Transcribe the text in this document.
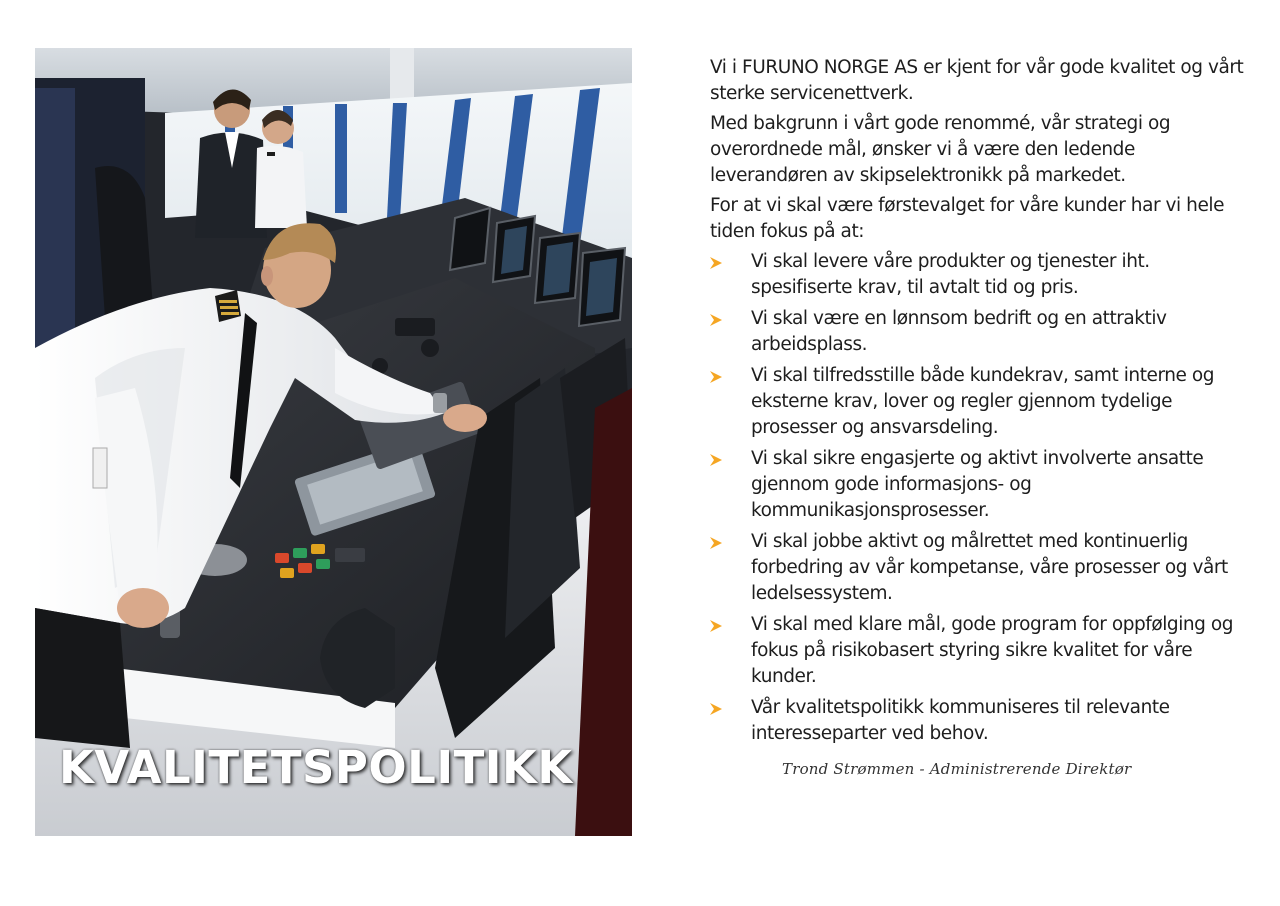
KVALITETSPOLITIKK

Vi i FURUNO NORGE AS er kjent for vår gode kvalitet og vårt sterke servicenettverk.

Med bakgrunn i vårt gode renommé, vår strategi og overordnede mål, ønsker vi å være den ledende leverandøren av skipselektronikk på markedet.

For at vi skal være førstevalget for våre kunder har vi hele tiden fokus på at:

Vi skal levere våre produkter og tjenester iht. spesifiserte krav, til avtalt tid og pris.
Vi skal være en lønnsom bedrift og en attraktiv arbeidsplass.
Vi skal tilfredsstille både kundekrav, samt interne og eksterne krav, lover og regler gjennom tydelige prosesser og ansvarsdeling.
Vi skal sikre engasjerte og aktivt involverte ansatte gjennom gode informasjons- og kommunikasjonsprosesser.
Vi skal jobbe aktivt og målrettet med kontinuerlig forbedring av vår kompetanse, våre prosesser og vårt ledelsessystem.
Vi skal med klare mål, gode program for oppfølging og fokus på risikobasert styring sikre kvalitet for våre kunder.
Vår kvalitetspolitikk kommuniseres til relevante interesseparter ved behov.
Trond Strømmen - Administrerende Direktør
